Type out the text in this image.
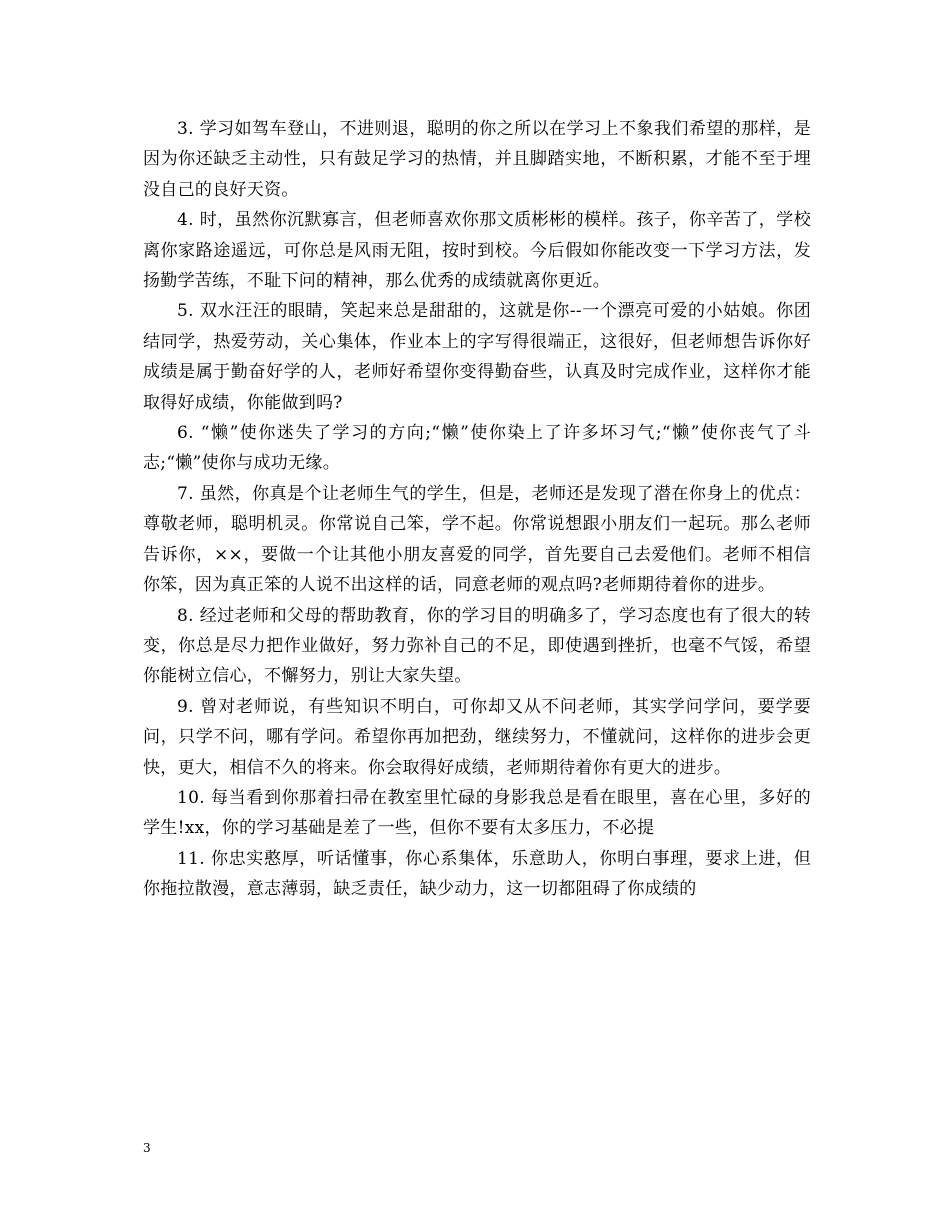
3. 学习如驾车登山，不进则退，聪明的你之所以在学习上不象我们希望的那样，是因为你还缺乏主动性，只有鼓足学习的热情，并且脚踏实地，不断积累，才能不至于埋没自己的良好天资。

4. 时，虽然你沉默寡言，但老师喜欢你那文质彬彬的模样。孩子，你辛苦了，学校离你家路途遥远，可你总是风雨无阻，按时到校。今后假如你能改变一下学习方法，发扬勤学苦练，不耻下问的精神，那么优秀的成绩就离你更近。

5. 双水汪汪的眼睛，笑起来总是甜甜的，这就是你--一个漂亮可爱的小姑娘。你团结同学，热爱劳动，关心集体，作业本上的字写得很端正，这很好，但老师想告诉你好成绩是属于勤奋好学的人，老师好希望你变得勤奋些，认真及时完成作业，这样你才能取得好成绩，你能做到吗?

6. “懒”使你迷失了学习的方向;“懒”使你染上了许多坏习气;“懒”使你丧气了斗志;“懒”使你与成功无缘。

7. 虽然，你真是个让老师生气的学生，但是，老师还是发现了潜在你身上的优点：尊敬老师，聪明机灵。你常说自己笨，学不起。你常说想跟小朋友们一起玩。那么老师告诉你，××，要做一个让其他小朋友喜爱的同学，首先要自己去爱他们。老师不相信你笨，因为真正笨的人说不出这样的话，同意老师的观点吗?老师期待着你的进步。

8. 经过老师和父母的帮助教育，你的学习目的明确多了，学习态度也有了很大的转变，你总是尽力把作业做好，努力弥补自己的不足，即使遇到挫折，也毫不气馁，希望你能树立信心，不懈努力，别让大家失望。

9. 曾对老师说，有些知识不明白，可你却又从不问老师，其实学问学问，要学要问，只学不问，哪有学问。希望你再加把劲，继续努力，不懂就问，这样你的进步会更快，更大，相信不久的将来。你会取得好成绩，老师期待着你有更大的进步。

10. 每当看到你那着扫帚在教室里忙碌的身影我总是看在眼里，喜在心里，多好的学生!xx，你的学习基础是差了一些，但你不要有太多压力，不必提

11. 你忠实憨厚，听话懂事，你心系集体，乐意助人，你明白事理，要求上进，但你拖拉散漫，意志薄弱，缺乏责任，缺少动力，这一切都阻碍了你成绩的

3
